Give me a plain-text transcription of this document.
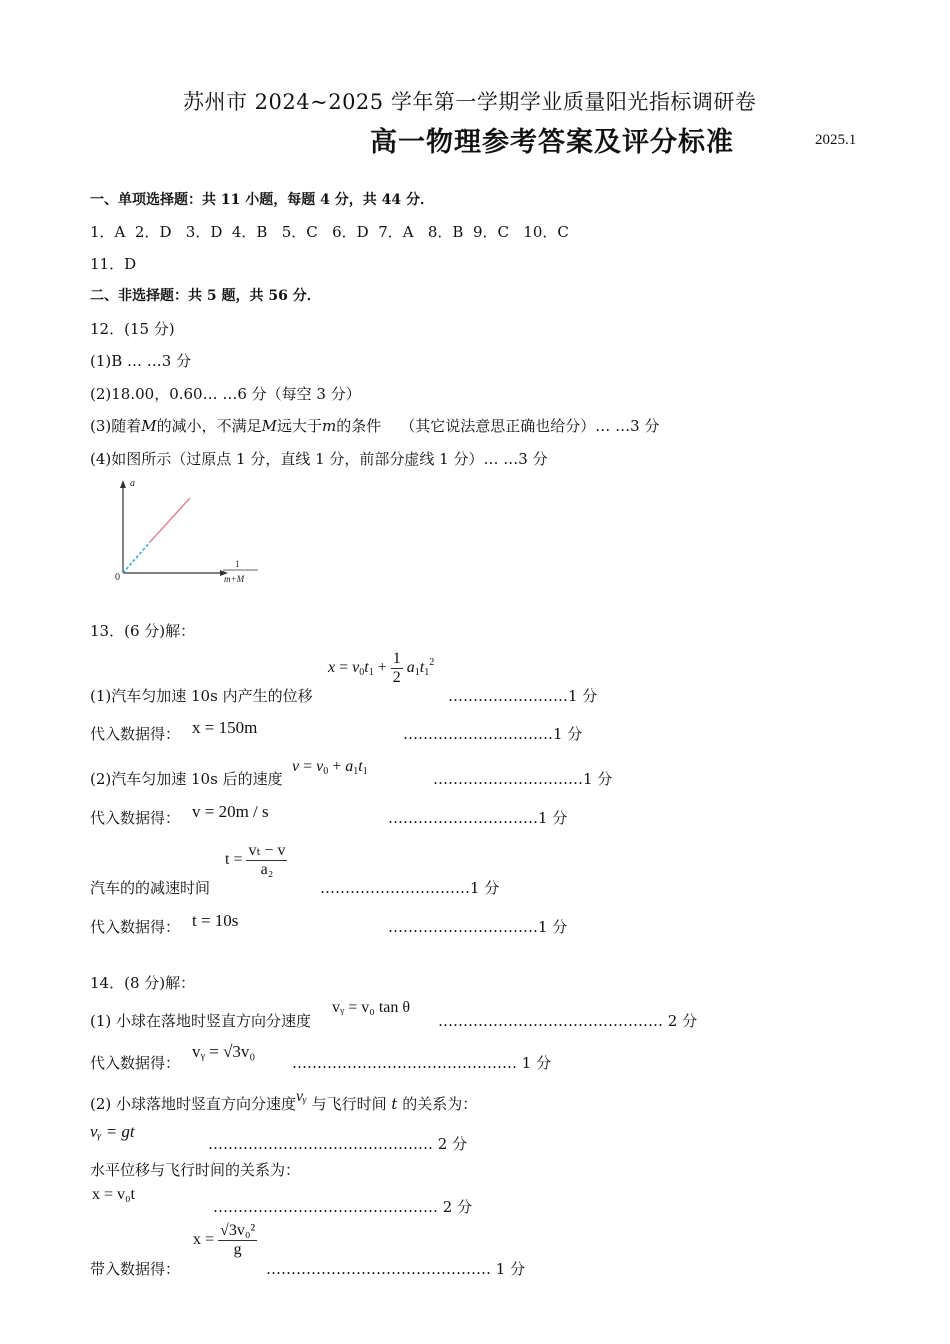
苏州市 2024~2025 学年第一学期学业质量阳光指标调研卷
高一物理参考答案及评分标准	2025.1
一、单项选择题：共 11 小题，每题 4 分，共 44 分．
1．A  2．D   3．D  4．B   5．C   6．D  7．A   8．B  9．C   10．C
11．D
二、非选择题：共 5 题，共 56 分．
12．(15 分)
(1)B … …3 分
(2)18.00，0.60… …6 分（每空 3 分）
(3)随着M的减小，不满足M远大于m的条件    （其它说法意思正确也给分）… …3 分
(4)如图所示（过原点 1 分，直线 1 分，前部分虚线 1 分）… …3 分
a
0
1
m+M
13．(6 分)解：
$x = v_0t_1 + \frac{1}{2} a_1t_1^2$
(1)汽车匀加速 10s 内产生的位移	……………………1 分
代入数据得： x = 150m	…………………………1 分
(2)汽车匀加速 10s 后的速度
$v = v_0 + a_1t_1$	…………………………1 分
代入数据得： v = 20m / s	…………………………1 分
$t = \frac{\text{vₜ − v}}{\text{a₂}}$
汽车的的减速时间	…………………………1 分
代入数据得： t = 10s	…………………………1 分
14．(8 分)解：
(1) 小球在落地时竖直方向分速度
vᵧ = v₀ tan θ
……………………………………… 2 分
代入数据得：
vᵧ = √3v₀
……………………………………… 1 分
(2) 小球落地时竖直方向分速度vᵧ 与飞行时间 t 的关系为：
vᵧ = gt
……………………………………… 2 分
水平位移与飞行时间的关系为：
x = v₀t
……………………………………… 2 分
$x = \frac{\text{√3v₀²}}{g}$
带入数据得：	……………………………………… 1 分
